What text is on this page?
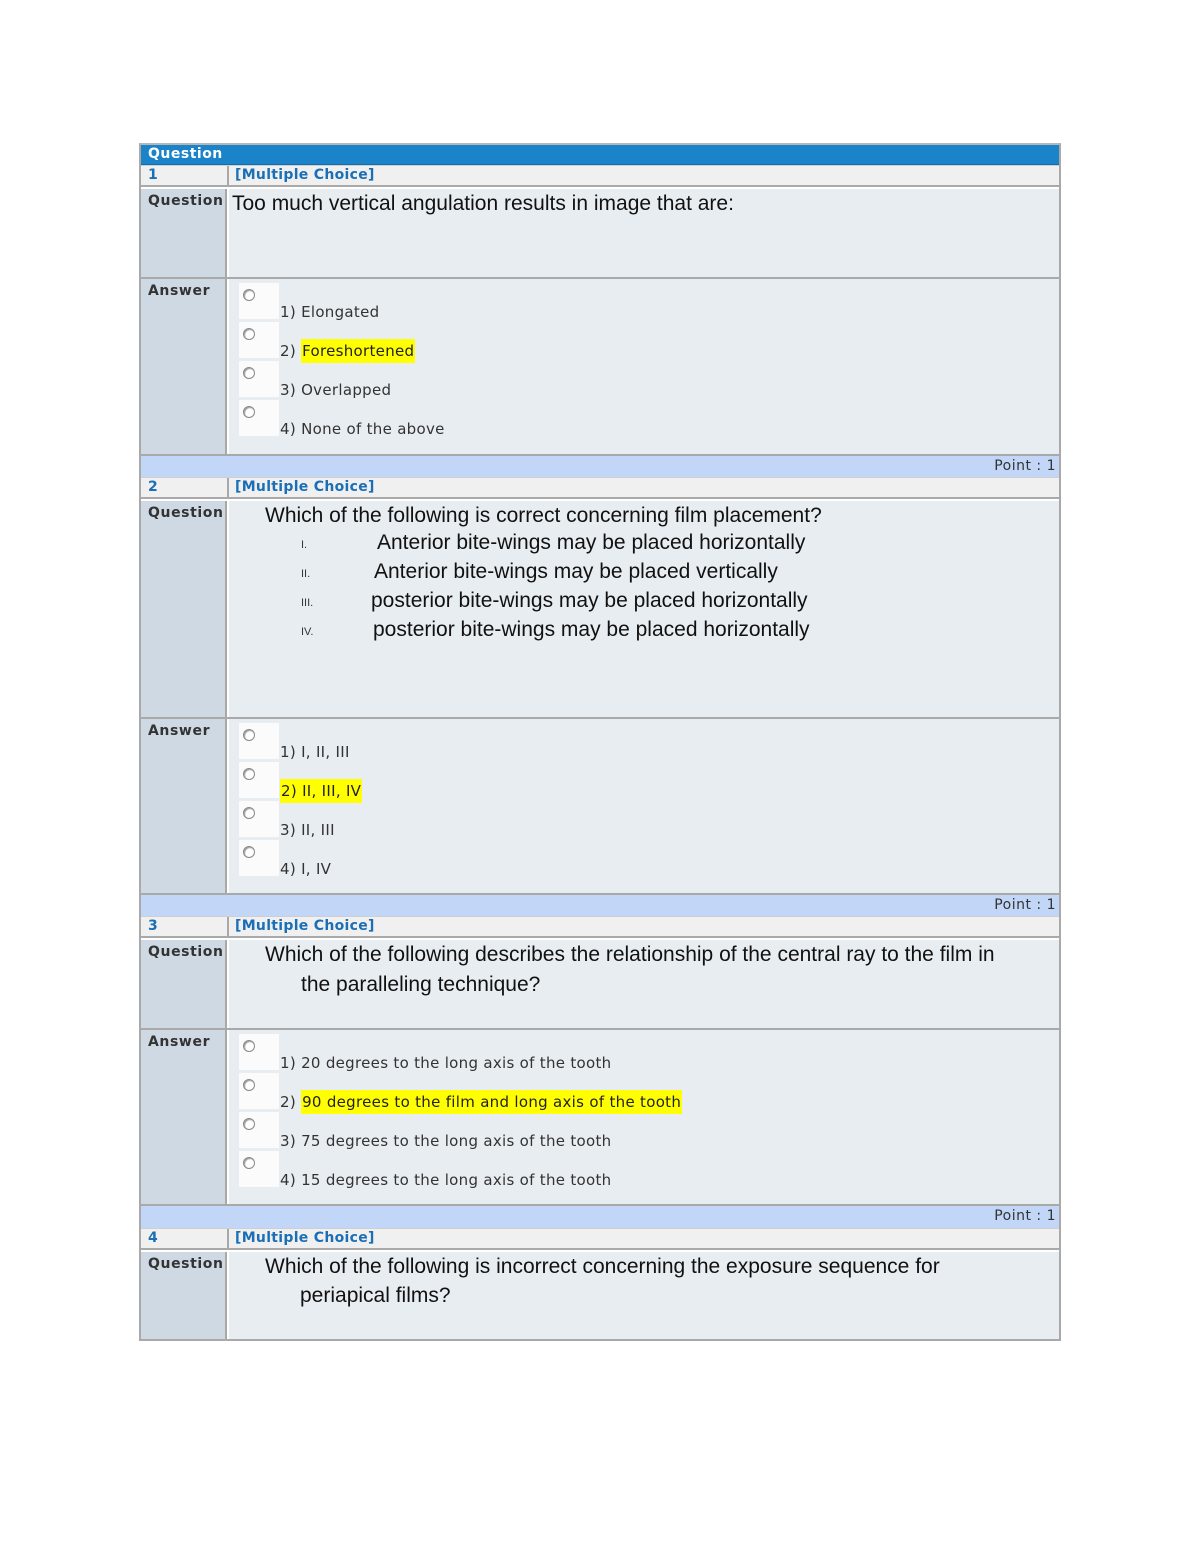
Question
1	[Multiple Choice]
Question Too much vertical angulation results in image that are:
Answer
1) Elongated
2) Foreshortened
3) Overlapped
4) None of the above
Point : 1
2	[Multiple Choice]
Question Which of the following is correct concerning film placement?
I.	Anterior bite-wings may be placed horizontally
II.	Anterior bite-wings may be placed vertically
III.	posterior bite-wings may be placed horizontally
IV.	posterior bite-wings may be placed horizontally
Answer
1) I, II, III
2) II, III, IV
3) II, III
4) I, IV
Point : 1
3	[Multiple Choice]
Question Which of the following describes the relationship of the central ray to the film in
the paralleling technique?
Answer
1) 20 degrees to the long axis of the tooth
2) 90 degrees to the film and long axis of the tooth
3) 75 degrees to the long axis of the tooth
4) 15 degrees to the long axis of the tooth
Point : 1
4	[Multiple Choice]
Question Which of the following is incorrect concerning the exposure sequence for
periapical films?
